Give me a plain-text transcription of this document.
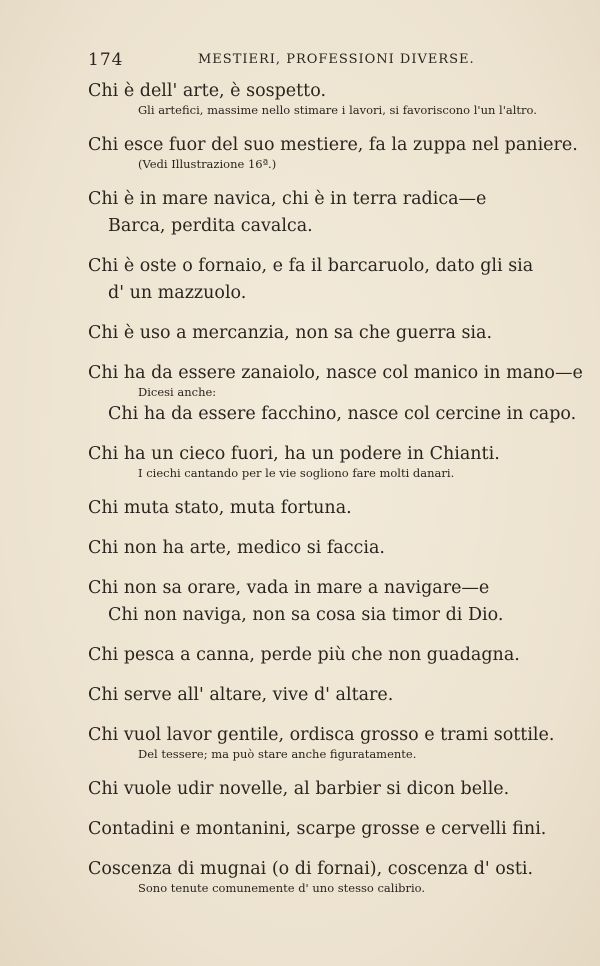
174	MESTIERI, PROFESSIONI DIVERSE.
Chi è dell' arte, è sospetto.
Gli artefici, massime nello stimare i lavori, si favoriscono l'un l'altro.
Chi esce fuor del suo mestiere, fa la zuppa nel paniere.
(Vedi Illustrazione 16ª.)
Chi è in mare navica, chi è in terra radica—e
Barca, perdita cavalca.
Chi è oste o fornaio, e fa il barcaruolo, dato gli sia
d' un mazzuolo.
Chi è uso a mercanzia, non sa che guerra sia.
Chi ha da essere zanaiolo, nasce col manico in mano—e
Dicesi anche:
Chi ha da essere facchino, nasce col cercine in capo.
Chi ha un cieco fuori, ha un podere in Chianti.
I ciechi cantando per le vie sogliono fare molti danari.
Chi muta stato, muta fortuna.
Chi non ha arte, medico si faccia.
Chi non sa orare, vada in mare a navigare—e
Chi non naviga, non sa cosa sia timor di Dio.
Chi pesca a canna, perde più che non guadagna.
Chi serve all' altare, vive d' altare.
Chi vuol lavor gentile, ordisca grosso e trami sottile.
Del tessere; ma può stare anche figuratamente.
Chi vuole udir novelle, al barbier si dicon belle.
Contadini e montanini, scarpe grosse e cervelli fini.
Coscenza di mugnai (o di fornai), coscenza d' osti.
Sono tenute comunemente d' uno stesso calibrio.
